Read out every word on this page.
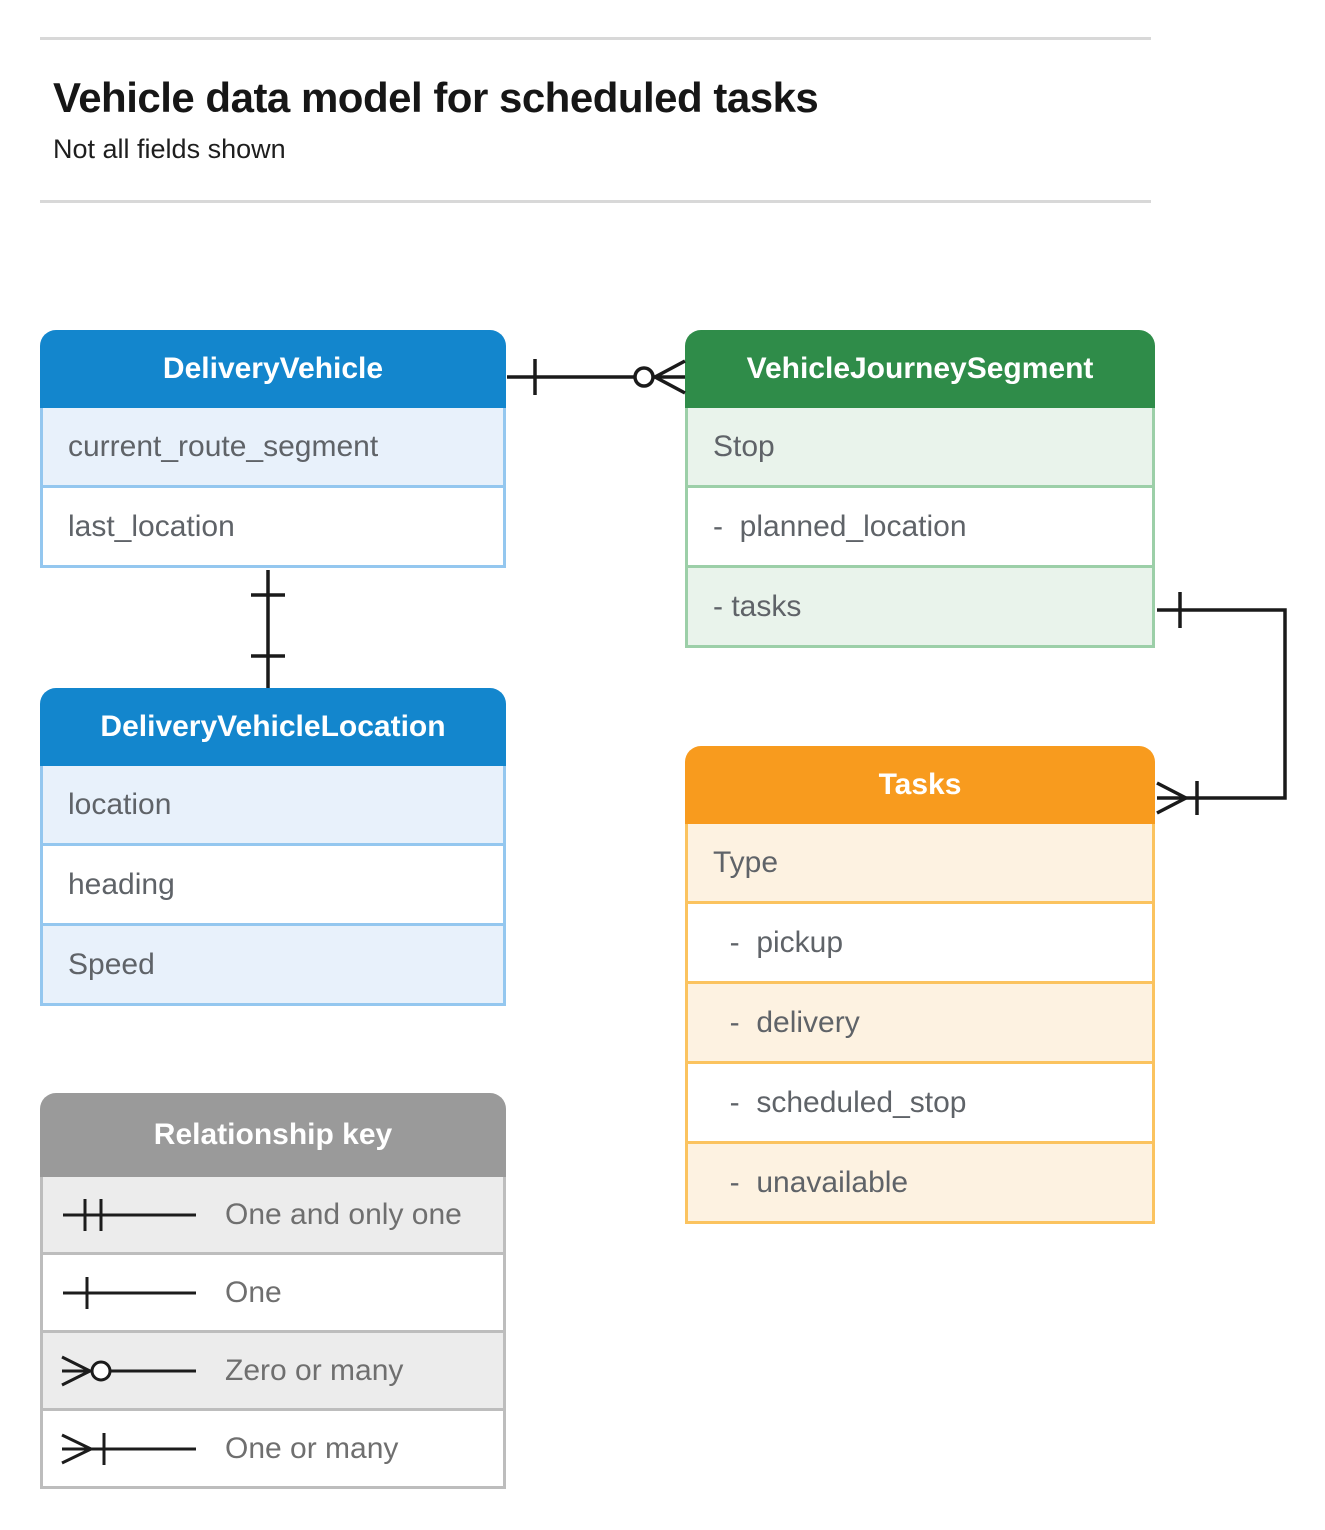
Vehicle data model for scheduled tasks
Not all fields shown
DeliveryVehicle
current_route_segment
last_location
VehicleJourneySegment
Stop
-  planned_location
- tasks
DeliveryVehicleLocation
location
heading
Speed
Tasks
Type
-  pickup
-  delivery
-  scheduled_stop
-  unavailable
Relationship key
One and only one
One
Zero or many
One or many
